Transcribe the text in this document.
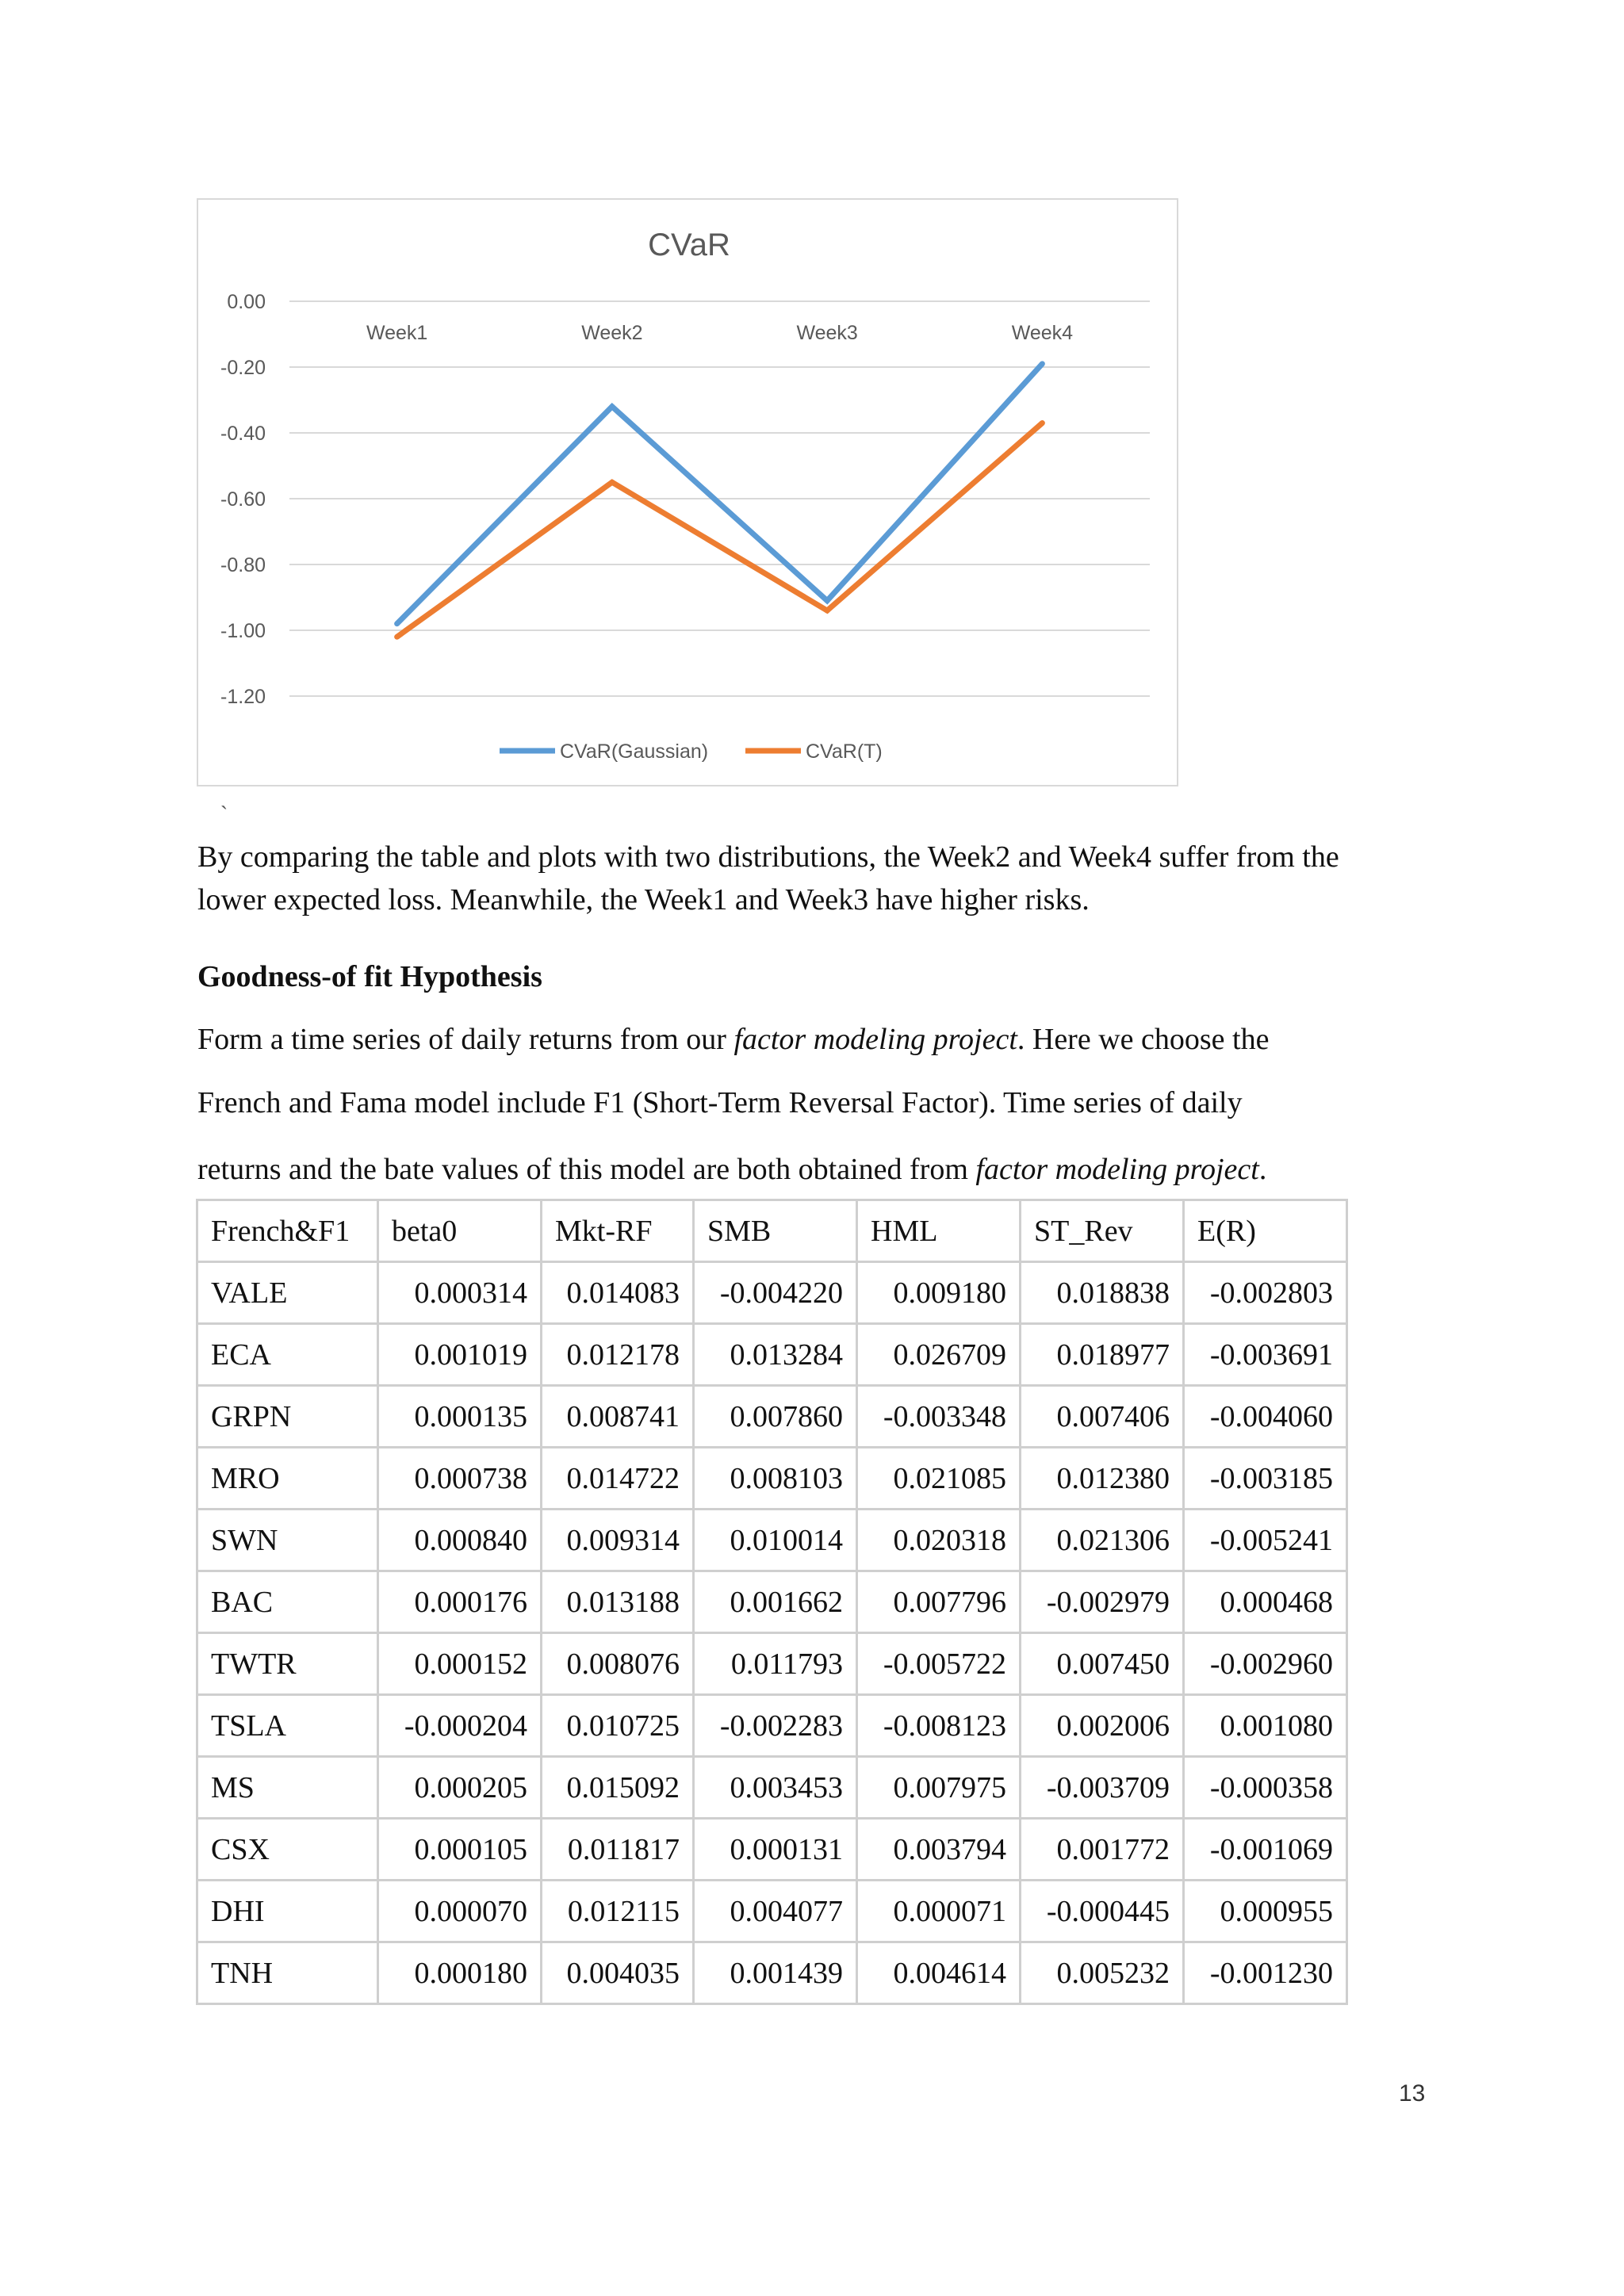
CVaR
0.00
-0.20
-0.40
-0.60
-0.80
-1.00
-1.20
Week1	Week2	Week3	Week4
CVaR(Gaussian)	CVaR(T)
`
By comparing the table and plots with two distributions, the Week2 and Week4 suffer from the
lower expected loss. Meanwhile, the Week1 and Week3 have higher risks.
Goodness-of fit Hypothesis
Form a time series of daily returns from our factor modeling project. Here we choose the
French and Fama model include F1 (Short-Term Reversal Factor). Time series of daily
returns and the bate values of this model are both obtained from factor modeling project.
French&F1	beta0	Mkt-RF	SMB	HML	ST_Rev	E(R)
VALE	0.000314	0.014083	-0.004220	0.009180	0.018838	-0.002803
ECA	0.001019	0.012178	0.013284	0.026709	0.018977	-0.003691
GRPN	0.000135	0.008741	0.007860	-0.003348	0.007406	-0.004060
MRO	0.000738	0.014722	0.008103	0.021085	0.012380	-0.003185
SWN	0.000840	0.009314	0.010014	0.020318	0.021306	-0.005241
BAC	0.000176	0.013188	0.001662	0.007796	-0.002979	0.000468
TWTR	0.000152	0.008076	0.011793	-0.005722	0.007450	-0.002960
TSLA	-0.000204	0.010725	-0.002283	-0.008123	0.002006	0.001080
MS	0.000205	0.015092	0.003453	0.007975	-0.003709	-0.000358
CSX	0.000105	0.011817	0.000131	0.003794	0.001772	-0.001069
DHI	0.000070	0.012115	0.004077	0.000071	-0.000445	0.000955
TNH	0.000180	0.004035	0.001439	0.004614	0.005232	-0.001230
13
